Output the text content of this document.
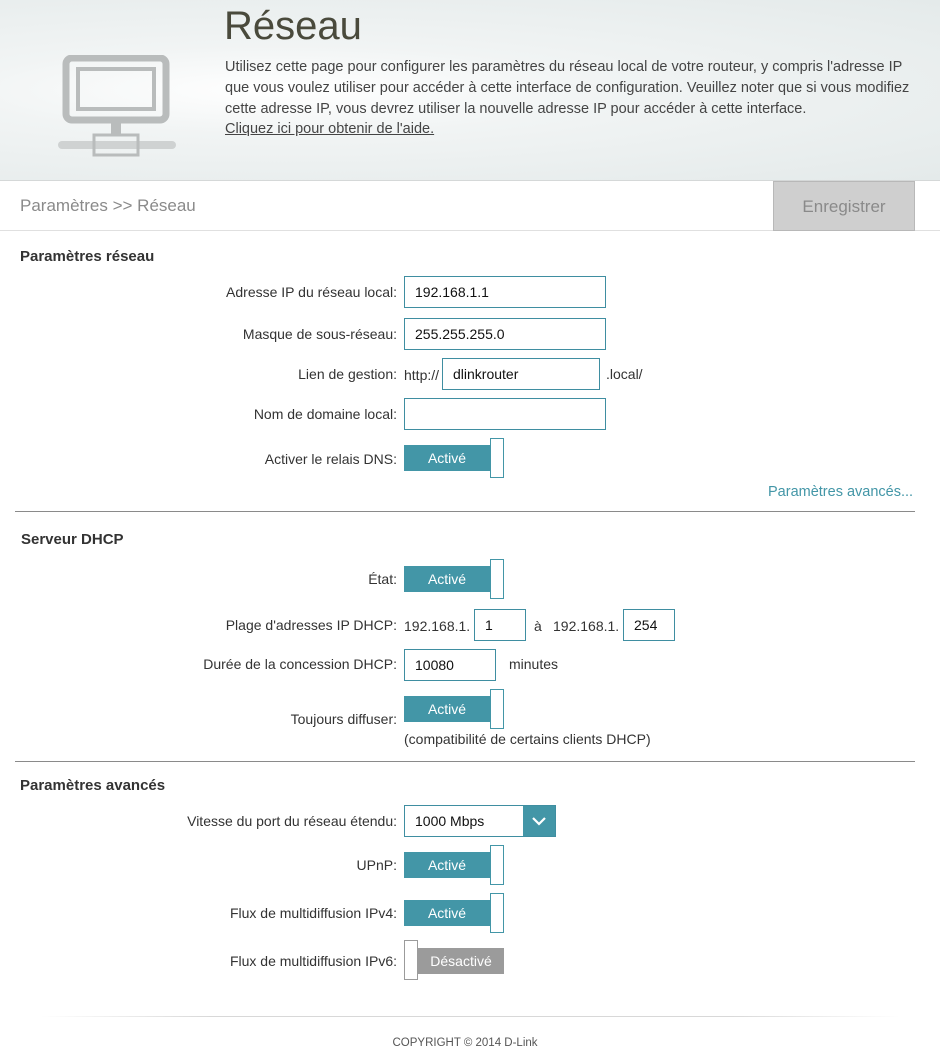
Réseau
Utilisez cette page pour configurer les paramètres du réseau local de votre routeur, y compris l'adresse IP que vous voulez utiliser pour accéder à cette interface de configuration. Veuillez noter que si vous modifiez cette adresse IP, vous devrez utiliser la nouvelle adresse IP pour accéder à cette interface.
Cliquez ici pour obtenir de l'aide.
Paramètres >> Réseau	Enregistrer
Paramètres réseau
Adresse IP du réseau local:	192.168.1.1
Masque de sous-réseau:	255.255.255.0
Lien de gestion: http:// dlinkrouter	.local/
Nom de domaine local:
Activer le relais DNS:	Activé
Paramètres avancés...
Serveur DHCP
État:	Activé
Plage d'adresses IP DHCP: 192.168.1.	1	à 192.168.1.	254
Durée de la concession DHCP:	10080	minutes
Toujours diffuser:
Activé
(compatibilité de certains clients DHCP)
Paramètres avancés
Vitesse du port du réseau étendu: 1000 Mbps
UPnP:	Activé
Flux de multidiffusion IPv4:	Activé
Flux de multidiffusion IPv6:	Désactivé
COPYRIGHT © 2014 D-Link
